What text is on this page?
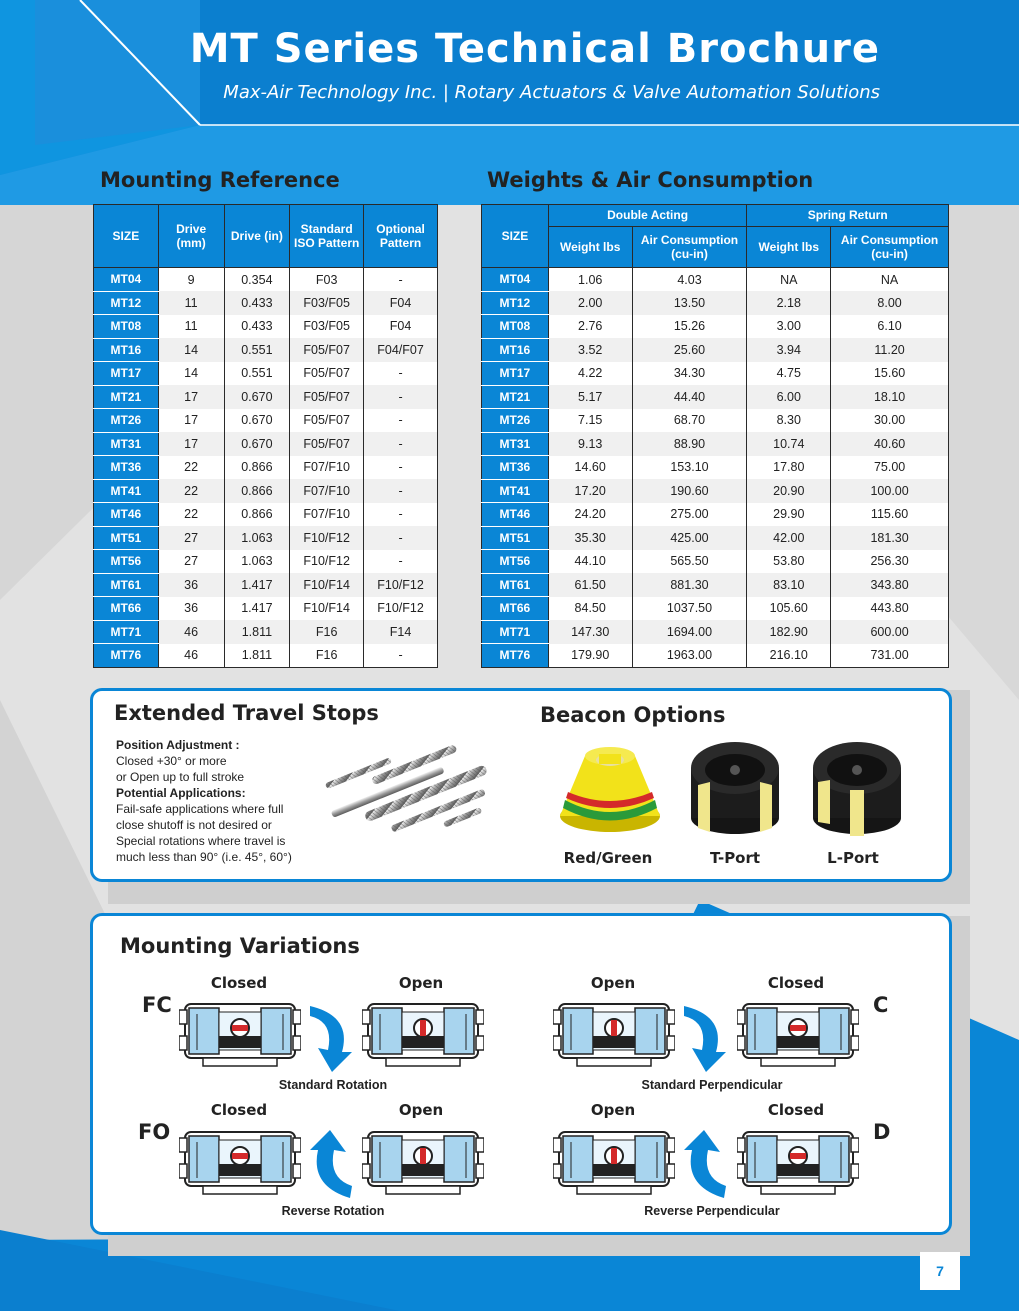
MT Series Technical Brochure
Max-Air Technology Inc. | Rotary Actuators & Valve Automation Solutions
Mounting Reference
SIZE	Drive (mm)	Drive (in)	Standard ISO Pattern	Optional Pattern
MT04	9	0.354	F03	-
MT12	11	0.433	F03/F05	F04
MT08	11	0.433	F03/F05	F04
MT16	14	0.551	F05/F07	F04/F07
MT17	14	0.551	F05/F07	-
MT21	17	0.670	F05/F07	-
MT26	17	0.670	F05/F07	-
MT31	17	0.670	F05/F07	-
MT36	22	0.866	F07/F10	-
MT41	22	0.866	F07/F10	-
MT46	22	0.866	F07/F10	-
MT51	27	1.063	F10/F12	-
MT56	27	1.063	F10/F12	-
MT61	36	1.417	F10/F14	F10/F12
MT66	36	1.417	F10/F14	F10/F12
MT71	46	1.811	F16	F14
MT76	46	1.811	F16	-
Weights & Air Consumption
SIZE	Double Acting		Spring Return	
	Weight lbs	Air Consumption (cu-in)	Weight lbs	Air Consumption (cu-in)
MT04	1.06	4.03	NA	NA
MT12	2.00	13.50	2.18	8.00
MT08	2.76	15.26	3.00	6.10
MT16	3.52	25.60	3.94	11.20
MT17	4.22	34.30	4.75	15.60
MT21	5.17	44.40	6.00	18.10
MT26	7.15	68.70	8.30	30.00
MT31	9.13	88.90	10.74	40.60
MT36	14.60	153.10	17.80	75.00
MT41	17.20	190.60	20.90	100.00
MT46	24.20	275.00	29.90	115.60
MT51	35.30	425.00	42.00	181.30
MT56	44.10	565.50	53.80	256.30
MT61	61.50	881.30	83.10	343.80
MT66	84.50	1037.50	105.60	443.80
MT71	147.30	1694.00	182.90	600.00
MT76	179.90	1963.00	216.10	731.00
Extended Travel Stops
Position Adjustment :
Closed +30° or more
or Open up to full stroke
Potential Applications:
Fail-safe applications where full
close shutoff is not desired or
Special rotations where travel is
much less than 90° (i.e. 45°, 60°)
Beacon Options
Red/Green	T-Port	L-Port
Mounting Variations
Closed	Open	Open	Closed
FC	C
Standard Rotation	Standard Perpendicular
Closed	Open	Open	Closed
FO	D
Reverse Rotation	Reverse Perpendicular
7
